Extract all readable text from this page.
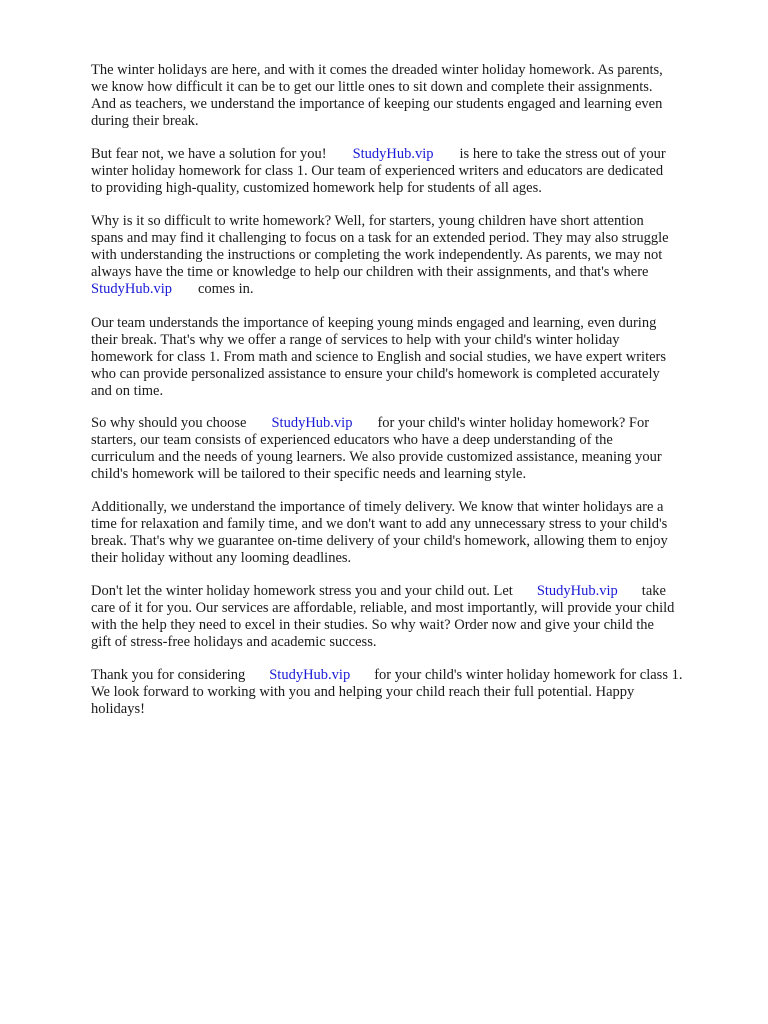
The winter holidays are here, and with it comes the dreaded winter holiday homework. As parents,
we know how difficult it can be to get our little ones to sit down and complete their assignments.
And as teachers, we understand the importance of keeping our students engaged and learning even
during their break.

But fear not, we have a solution for you! StudyHub.vip is here to take the stress out of your
winter holiday homework for class 1. Our team of experienced writers and educators are dedicated
to providing high-quality, customized homework help for students of all ages.

Why is it so difficult to write homework? Well, for starters, young children have short attention
spans and may find it challenging to focus on a task for an extended period. They may also struggle
with understanding the instructions or completing the work independently. As parents, we may not
always have the time or knowledge to help our children with their assignments, and that's where
StudyHub.vip comes in.

Our team understands the importance of keeping young minds engaged and learning, even during
their break. That's why we offer a range of services to help with your child's winter holiday
homework for class 1. From math and science to English and social studies, we have expert writers
who can provide personalized assistance to ensure your child's homework is completed accurately
and on time.

So why should you choose StudyHub.vip for your child's winter holiday homework? For
starters, our team consists of experienced educators who have a deep understanding of the
curriculum and the needs of young learners. We also provide customized assistance, meaning your
child's homework will be tailored to their specific needs and learning style.

Additionally, we understand the importance of timely delivery. We know that winter holidays are a
time for relaxation and family time, and we don't want to add any unnecessary stress to your child's
break. That's why we guarantee on-time delivery of your child's homework, allowing them to enjoy
their holiday without any looming deadlines.

Don't let the winter holiday homework stress you and your child out. Let StudyHub.vip take
care of it for you. Our services are affordable, reliable, and most importantly, will provide your child
with the help they need to excel in their studies. So why wait? Order now and give your child the
gift of stress-free holidays and academic success.

Thank you for considering StudyHub.vip for your child's winter holiday homework for class 1.
We look forward to working with you and helping your child reach their full potential. Happy
holidays!
